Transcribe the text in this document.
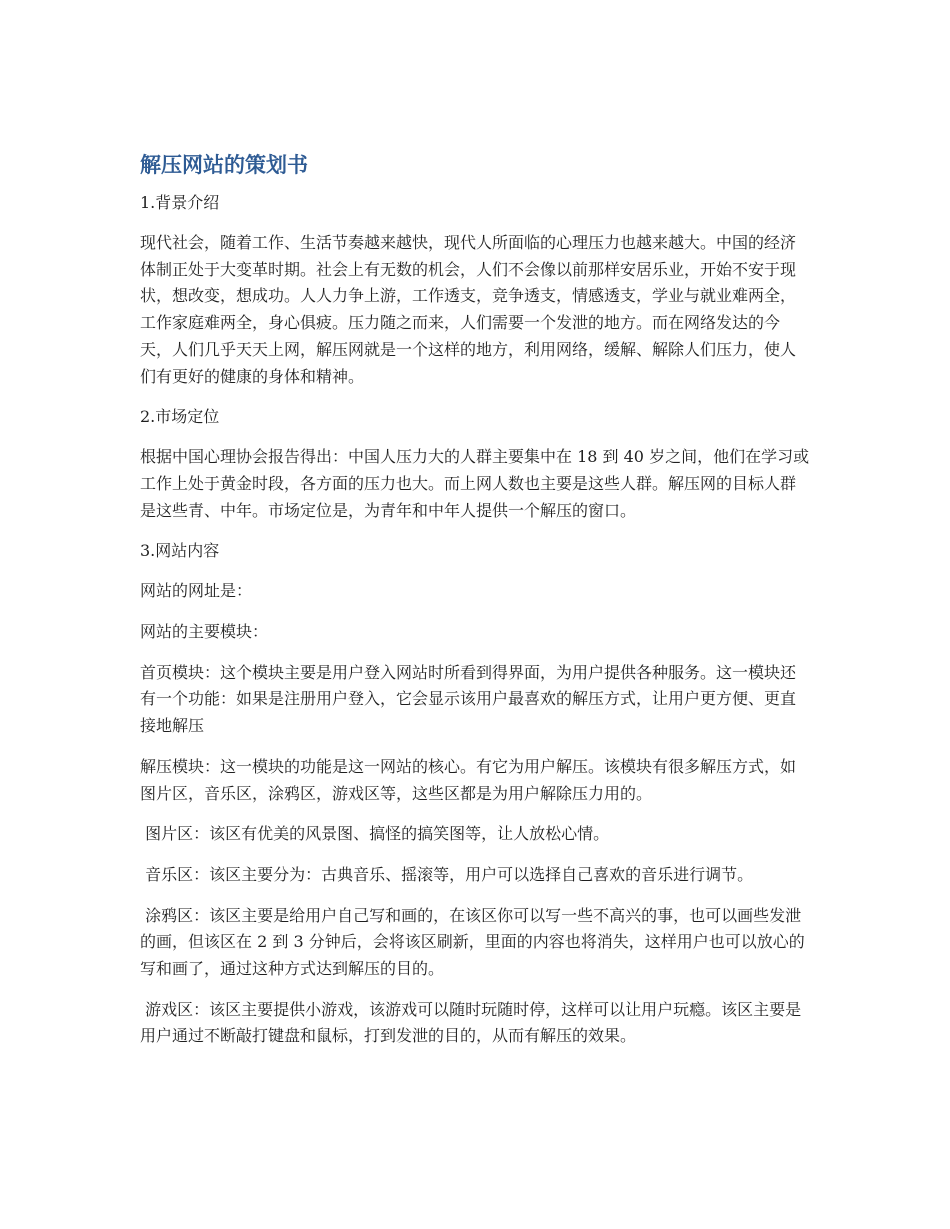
解压网站的策划书
1.背景介绍
现代社会，随着工作、生活节奏越来越快，现代人所面临的心理压力也越来越大。中国的经济体制正处于大变革时期。社会上有无数的机会，人们不会像以前那样安居乐业，开始不安于现状，想改变，想成功。人人力争上游，工作透支，竞争透支，情感透支，学业与就业难两全，工作家庭难两全，身心俱疲。压力随之而来，人们需要一个发泄的地方。而在网络发达的今天，人们几乎天天上网，解压网就是一个这样的地方，利用网络，缓解、解除人们压力，使人们有更好的健康的身体和精神。
2.市场定位
根据中国心理协会报告得出：中国人压力大的人群主要集中在 18 到 40 岁之间，他们在学习或工作上处于黄金时段，各方面的压力也大。而上网人数也主要是这些人群。解压网的目标人群是这些青、中年。市场定位是，为青年和中年人提供一个解压的窗口。
3.网站内容
网站的网址是：
网站的主要模块：
首页模块：这个模块主要是用户登入网站时所看到得界面，为用户提供各种服务。这一模块还有一个功能：如果是注册用户登入，它会显示该用户最喜欢的解压方式，让用户更方便、更直接地解压
解压模块：这一模块的功能是这一网站的核心。有它为用户解压。该模块有很多解压方式，如图片区，音乐区，涂鸦区，游戏区等，这些区都是为用户解除压力用的。
图片区：该区有优美的风景图、搞怪的搞笑图等，让人放松心情。
音乐区：该区主要分为：古典音乐、摇滚等，用户可以选择自己喜欢的音乐进行调节。
涂鸦区：该区主要是给用户自己写和画的，在该区你可以写一些不高兴的事，也可以画些发泄的画，但该区在 2 到 3 分钟后，会将该区刷新，里面的内容也将消失，这样用户也可以放心的写和画了，通过这种方式达到解压的目的。
游戏区：该区主要提供小游戏，该游戏可以随时玩随时停，这样可以让用户玩瘾。该区主要是用户通过不断敲打键盘和鼠标，打到发泄的目的，从而有解压的效果。
